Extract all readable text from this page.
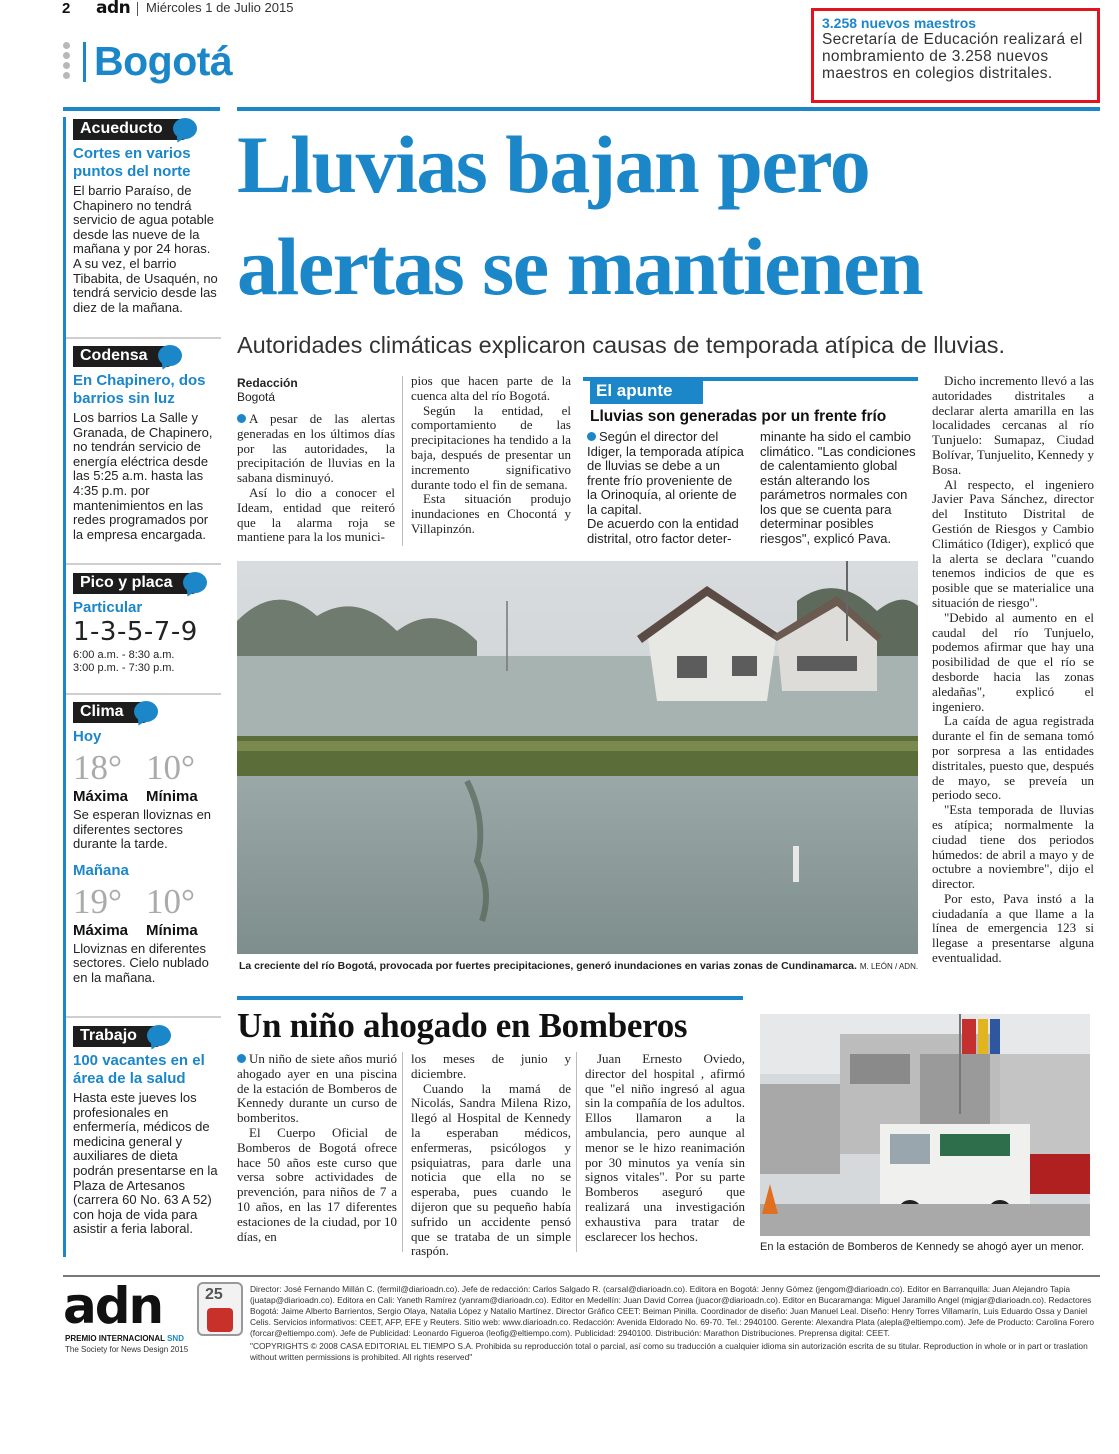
2 adn Miércoles 1 de Julio 2015
Bogotá
3.258 nuevos maestros
Secretaría de Educación realizará el nombramiento de 3.258 nuevos maestros en colegios distritales.
Acueducto
Cortes en varios puntos del norte
El barrio Paraíso, de Chapinero no tendrá servicio de agua potable desde las nueve de la mañana y por 24 horas. A su vez, el barrio Tibabita, de Usaquén, no tendrá servicio desde las diez de la mañana.
Codensa
En Chapinero, dos barrios sin luz
Los barrios La Salle y Granada, de Chapinero, no tendrán servicio de energía eléctrica desde las 5:25 a.m. hasta las 4:35 p.m. por mantenimientos en las redes programados por la empresa encargada.
Pico y placa
Particular
1-3-5-7-9
6:00 a.m. - 8:30 a.m.
3:00 p.m. - 7:30 p.m.
Clima
Hoy
18° 10°
Máxima	Mínima
Se esperan lloviznas en diferentes sectores durante la tarde.
Mañana
19° 10°
Máxima	Mínima
Lloviznas en diferentes sectores. Cielo nublado en la mañana.
Trabajo
100 vacantes en el área de la salud
Hasta este jueves los profesionales en enfermería, médicos de medicina general y auxiliares de dieta podrán presentarse en la Plaza de Artesanos (carrera 60 No. 63 A 52) con hoja de vida para asistir a feria laboral.
Lluvias bajan pero alertas se mantienen
Autoridades climáticas explicaron causas de temporada atípica de lluvias.
Redacción
Bogotá

A pesar de las alertas generadas en los últimos días por las autoridades, la precipitación de lluvias en la sabana disminuyó.

Así lo dio a conocer el Ideam, entidad que reiteró que la alarma roja se mantiene para la los munici-

pios que hacen parte de la cuenca alta del río Bogotá.

Según la entidad, el comportamiento de las precipitaciones ha tendido a la baja, después de presentar un incremento significativo durante todo el fin de semana.

Esta situación produjo inundaciones en Chocontá y Villapinzón.

El apunte
Lluvias son generadas por un frente frío
Según el director del Idiger, la temporada atípica de lluvias se debe a un frente frío proveniente de la Orinoquía, al oriente de la capital.
De acuerdo con la entidad distrital, otro factor deter-
minante ha sido el cambio climático. "Las condiciones de calentamiento global están alterando los parámetros normales con los que se cuenta para determinar posibles riesgos", explicó Pava.

Dicho incremento llevó a las autoridades distritales a declarar alerta amarilla en las localidades cercanas al río Tunjuelo: Sumapaz, Ciudad Bolívar, Tunjuelito, Kennedy y Bosa.

Al respecto, el ingeniero Javier Pava Sánchez, director del Instituto Distrital de Gestión de Riesgos y Cambio Climático (Idiger), explicó que la alerta se declara "cuando tenemos indicios de que es posible que se materialice una situación de riesgo".

"Debido al aumento en el caudal del río Tunjuelo, podemos afirmar que hay una posibilidad de que el río se desborde hacia las zonas aledañas", explicó el ingeniero.

La caída de agua registrada durante el fin de semana tomó por sorpresa a las entidades distritales, puesto que, después de mayo, se preveía un periodo seco.

"Esta temporada de lluvias es atípica; normalmente la ciudad tiene dos periodos húmedos: de abril a mayo y de octubre a noviembre", dijo el director.

Por esto, Pava instó a la ciudadanía a que llame a la línea de emergencia 123 si llegase a presentarse alguna eventualidad.

La creciente del río Bogotá, provocada por fuertes precipitaciones, generó inundaciones en varias zonas de Cundinamarca. M. LEÓN / ADN.
Un niño ahogado en Bomberos

Un niño de siete años murió ahogado ayer en una piscina de la estación de Bomberos de Kennedy durante un curso de bomberitos.

El Cuerpo Oficial de Bomberos de Bogotá ofrece hace 50 años este curso que versa sobre actividades de prevención, para niños de 7 a 10 años, en las 17 diferentes estaciones de la ciudad, por 10 días, en

los meses de junio y diciembre.

Cuando la mamá de Nicolás, Sandra Milena Rizo, llegó al Hospital de Kennedy la esperaban médicos, enfermeras, psicólogos y psiquiatras, para darle una noticia que ella no se esperaba, pues cuando le dijeron que su pequeño había sufrido un accidente pensó que se trataba de un simple raspón.

Juan Ernesto Oviedo, director del hospital , afirmó que "el niño ingresó al agua sin la compañía de los adultos. Ellos llamaron a la ambulancia, pero aunque al menor se le hizo reanimación por 30 minutos ya venía sin signos vitales". Por su parte Bomberos aseguró que realizará una investigación exhaustiva para tratar de esclarecer los hechos.

En la estación de Bomberos de Kennedy se ahogó ayer un menor.
adn	25
PREMIO INTERNACIONAL SND
The Society for News Design 2015
Director: José Fernando Millán C. (fermil@diarioadn.co). Jefe de redacción: Carlos Salgado R. (carsal@diarioadn.co). Editora en Bogotá: Jenny Gómez (jengom@diarioadn.co). Editor en Barranquilla: Juan Alejandro Tapia (juatap@diarioadn.co). Editora en Cali: Yaneth Ramírez (yanram@diarioadn.co). Editor en Medellín: Juan David Correa (juacor@diarioadn.co). Editor en Bucaramanga: Miguel Jaramillo Angel (migjar@diarioadn.co). Redactores Bogotá: Jaime Alberto Barrientos, Sergio Olaya, Natalia López y Natalio Martínez. Director Gráfico CEET: Beiman Pinilla. Coordinador de diseño: Juan Manuel Leal. Diseño: Henry Torres Villamarín, Luis Eduardo Ossa y Daniel Celis. Servicios informativos: CEET, AFP, EFE y Reuters. Sitio web: www.diarioadn.co. Redacción: Avenida Eldorado No. 69-70. Tel.: 2940100. Gerente: Alexandra Plata (alepla@eltiempo.com). Jefe de Producto: Carolina Forero (forcar@eltiempo.com). Jefe de Publicidad: Leonardo Figueroa (leofig@eltiempo.com). Publicidad: 2940100. Distribución: Marathon Distribuciones. Preprensa digital: CEET.
"COPYRIGHTS © 2008 CASA EDITORIAL EL TIEMPO S.A. Prohibida su reproducción total o parcial, así como su traducción a cualquier idioma sin autorización escrita de su titular. Reproduction in whole or in part or traslation without written permissions is prohibited. All rights reserved"
